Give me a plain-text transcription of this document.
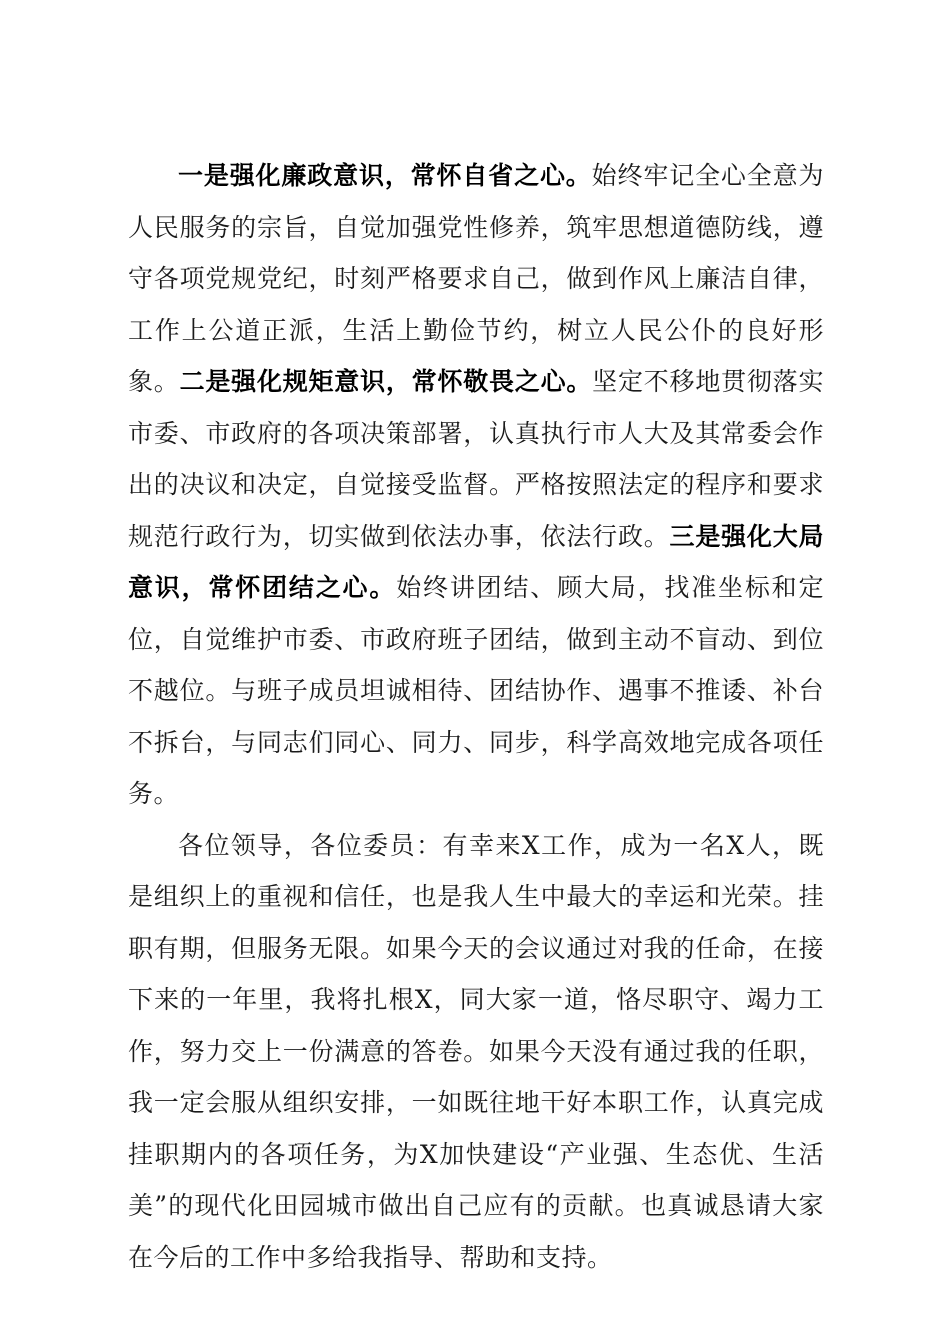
一是强化廉政意识，常怀自省之心。始终牢记全心全意为人民服务的宗旨，自觉加强党性修养，筑牢思想道德防线，遵守各项党规党纪，时刻严格要求自己，做到作风上廉洁自律，工作上公道正派，生活上勤俭节约，树立人民公仆的良好形象。二是强化规矩意识，常怀敬畏之心。坚定不移地贯彻落实市委、市政府的各项决策部署，认真执行市人大及其常委会作出的决议和决定，自觉接受监督。严格按照法定的程序和要求规范行政行为，切实做到依法办事，依法行政。三是强化大局意识，常怀团结之心。始终讲团结、顾大局，找准坐标和定位，自觉维护市委、市政府班子团结，做到主动不盲动、到位不越位。与班子成员坦诚相待、团结协作、遇事不推诿、补台不拆台，与同志们同心、同力、同步，科学高效地完成各项任务。

各位领导，各位委员：有幸来X工作，成为一名X人，既是组织上的重视和信任，也是我人生中最大的幸运和光荣。挂职有期，但服务无限。如果今天的会议通过对我的任命，在接下来的一年里，我将扎根X，同大家一道，恪尽职守、竭力工作，努力交上一份满意的答卷。如果今天没有通过我的任职，我一定会服从组织安排，一如既往地干好本职工作，认真完成挂职期内的各项任务，为X加快建设“产业强、生态优、生活美”的现代化田园城市做出自己应有的贡献。也真诚恳请大家在今后的工作中多给我指导、帮助和支持。
